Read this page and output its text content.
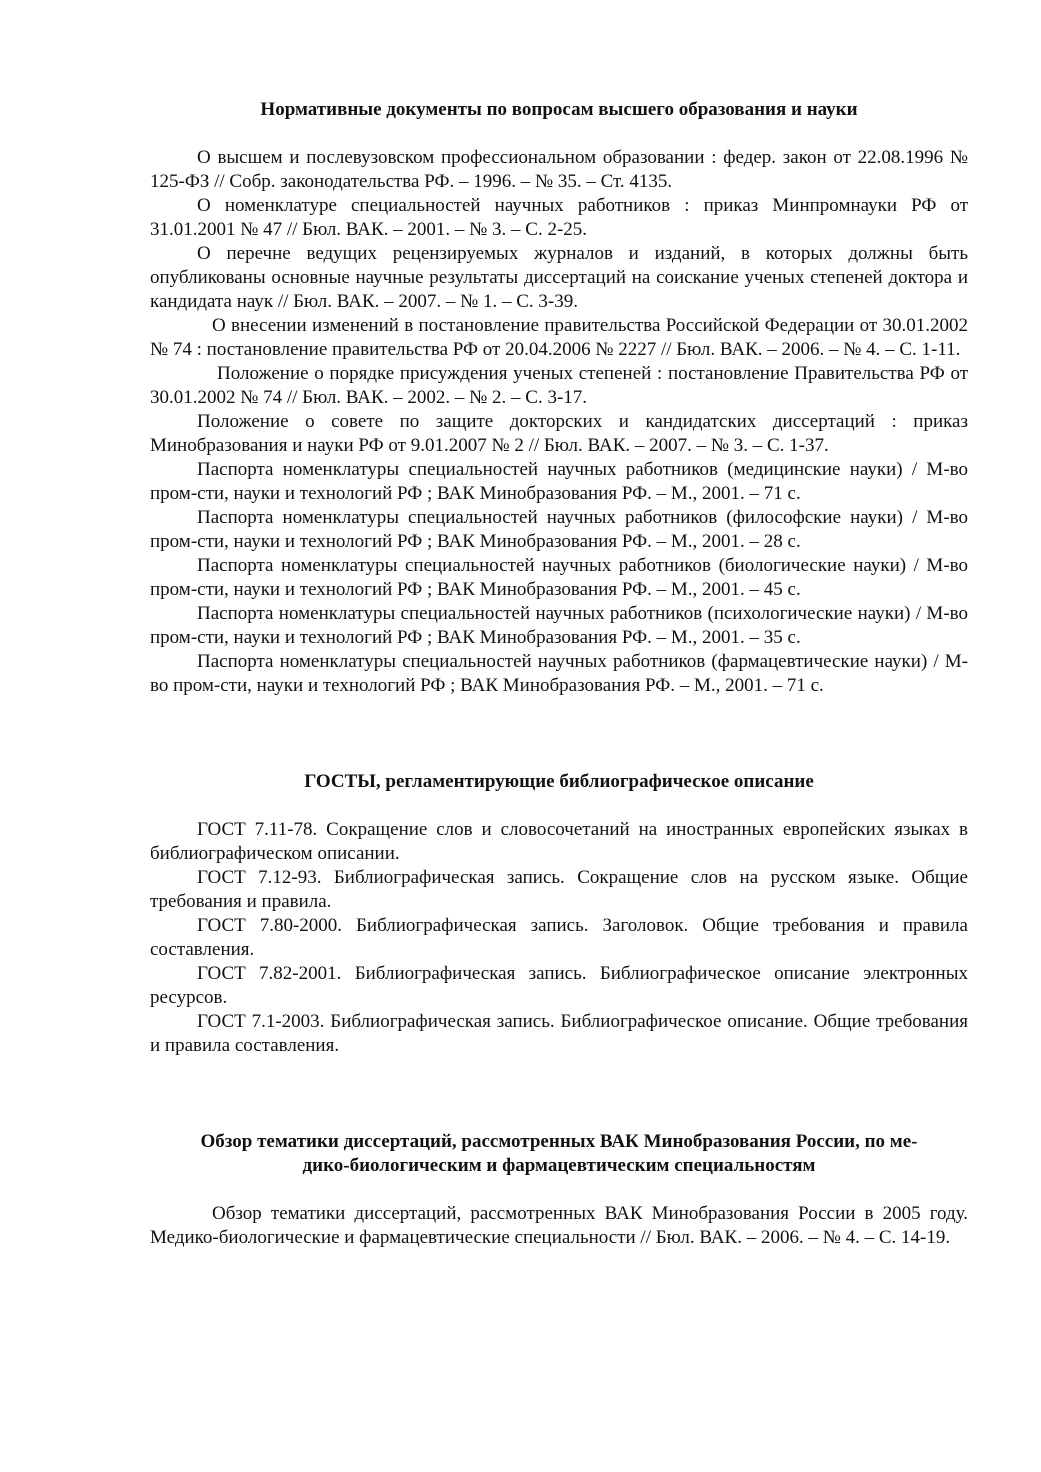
Нормативные документы по вопросам высшего образования и науки

О высшем и послевузовском профессиональном образовании : федер. закон от 22.08.1996 № 125-ФЗ // Собр. законодательства РФ. – 1996. – № 35. – Ст. 4135.

О номенклатуре специальностей научных работников : приказ Минпромнауки РФ от 31.01.2001 № 47 // Бюл. ВАК. – 2001. – № 3. – С. 2-25.

О перечне ведущих рецензируемых журналов и изданий, в которых должны быть опубликованы основные научные результаты диссертаций на соискание ученых степеней доктора и кандидата наук // Бюл. ВАК. – 2007. – № 1. – С. 3-39.

О внесении изменений в постановление правительства Российской Федерации от 30.01.2002 № 74 : постановление правительства РФ от 20.04.2006 № 2227 // Бюл. ВАК. – 2006. – № 4. – С. 1-11.

Положение о порядке присуждения ученых степеней : постановление Правительства РФ от 30.01.2002 № 74 // Бюл. ВАК. – 2002. – № 2. – С. 3-17.

Положение о совете по защите докторских и кандидатских диссертаций : приказ Минобразования и науки РФ от 9.01.2007 № 2 // Бюл. ВАК. – 2007. – № 3. – С. 1-37.

Паспорта номенклатуры специальностей научных работников (медицинские науки) / М-во пром-сти, науки и технологий РФ ; ВАК Минобразования РФ. – М., 2001. – 71 с.

Паспорта номенклатуры специальностей научных работников (философские науки) / М-во пром-сти, науки и технологий РФ ; ВАК Минобразования РФ. – М., 2001. – 28 с.

Паспорта номенклатуры специальностей научных работников (биологические науки) / М-во пром-сти, науки и технологий РФ ; ВАК Минобразования РФ. – М., 2001. – 45 с.

Паспорта номенклатуры специальностей научных работников (психологические науки) / М-во пром-сти, науки и технологий РФ ; ВАК Минобразования РФ. – М., 2001. – 35 с.

Паспорта номенклатуры специальностей научных работников (фармацевтические науки) / М-во пром-сти, науки и технологий РФ ; ВАК Минобразования РФ. – М., 2001. – 71 с.

ГОСТЫ, регламентирующие библиографическое описание

ГОСТ 7.11-78. Сокращение слов и словосочетаний на иностранных европейских языках в библиографическом описании.

ГОСТ 7.12-93. Библиографическая запись. Сокращение слов на русском языке. Общие требования и правила.

ГОСТ 7.80-2000. Библиографическая запись. Заголовок. Общие требования и правила составления.

ГОСТ 7.82-2001. Библиографическая запись. Библиографическое описание электронных ресурсов.

ГОСТ 7.1-2003. Библиографическая запись. Библиографическое описание. Общие требования и правила составления.

Обзор тематики диссертаций, рассмотренных ВАК Минобразования России, по ме-
дико-биологическим и фармацевтическим специальностям

Обзор тематики диссертаций, рассмотренных ВАК Минобразования России в 2005 году. Медико-биологические и фармацевтические специальности // Бюл. ВАК. – 2006. – № 4. – С. 14-19.
